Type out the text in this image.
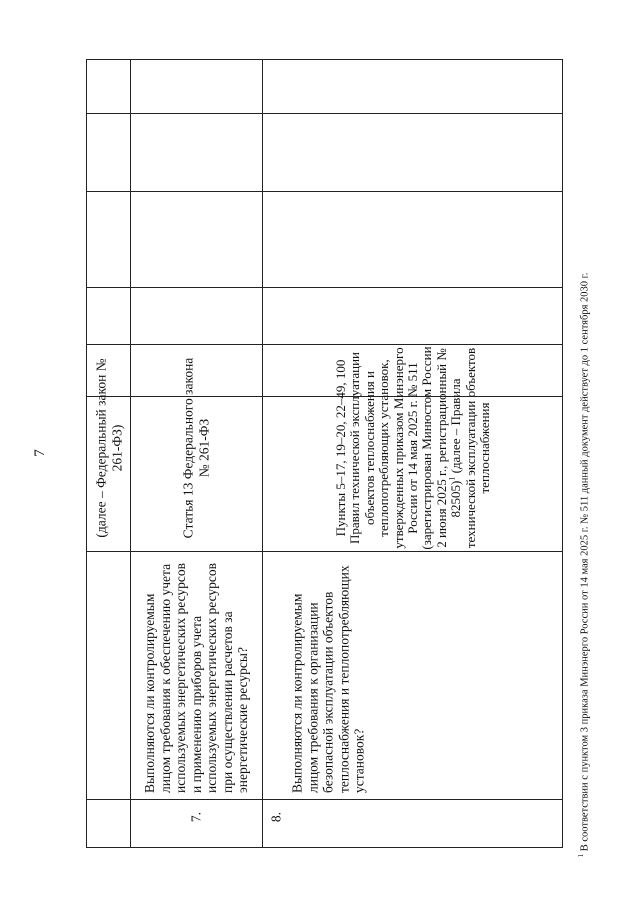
7	(далее – Федеральный закон № 261-ФЗ)
7.
Выполняются ли контролируемым лицом требования к обеспечению учета используемых энергетических ресурсов и применению приборов учета используемых энергетических ресурсов при осуществлении расчетов за энергетические ресурсы?
Статья 13 Федерального закона № 261-ФЗ
8.
Выполняются ли контролируемым лицом требования к организации безопасной эксплуатации объектов теплоснабжения и теплопотребляющих установок?
Пункты 5–17, 19–20, 22–49, 100 Правил технической эксплуатации объектов теплоснабжения и теплопотребляющих установок, утвержденных приказом Минэнерго России от 14 мая 2025 г. № 511 (зарегистрирован Минюстом России 2 июня 2025 г., регистрационный № 82505)$^1$ (далее – Правила технической эксплуатации объектов теплоснабжения
$^1$ В соответствии с пунктом 3 приказа Минэнерго России от 14 мая 2025 г. № 511 данный документ действует до 1 сентября 2030 г.
